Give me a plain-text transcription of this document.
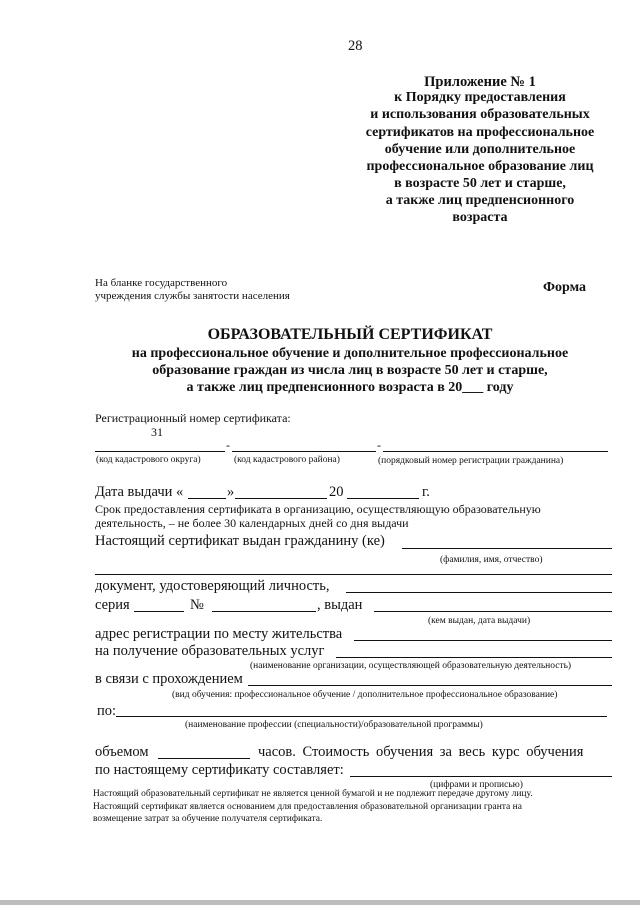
28
Приложение № 1
к Порядку предоставления
и использования образовательных
сертификатов на профессиональное
обучение или дополнительное
профессиональное образование лиц
в возрасте 50 лет и старше,
а также лиц предпенсионного
возраста
На бланке государственного
учреждения службы занятости населения
Форма
ОБРАЗОВАТЕЛЬНЫЙ СЕРТИФИКАТ
на профессиональное обучение и дополнительное профессиональное
образование граждан из числа лиц в возрасте 50 лет и старше,
а также лиц предпенсионного возраста в 20___ году
Регистрационный номер сертификата:
31
-	-
(код кадастрового округа)	(код кадастрового района)	(порядковый номер регистрации гражданина)
Дата выдачи «	»	20	г.
Срок предоставления сертификата в организацию, осуществляющую образовательную
деятельность, – не более 30 календарных дней со дня выдачи
Настоящий сертификат выдан гражданину (ке)
(фамилия, имя, отчество)
документ, удостоверяющий личность,
серия	№	, выдан
(кем выдан, дата выдачи)
адрес регистрации по месту жительства
на получение образовательных услуг
(наименование организации, осуществляющей образовательную деятельность)
в связи с прохождением
(вид обучения: профессиональное обучение / дополнительное профессиональное образование)
по:
(наименование профессии (специальности)/образовательной программы)
объемом	часов. Стоимость обучения за весь курс обучения
по настоящему сертификату составляет:
(цифрами и прописью)
Настоящий образовательный сертификат не является ценной бумагой и не подлежит передаче другому лицу.
Настоящий сертификат является основанием для предоставления образовательной организации гранта на
возмещение затрат за обучение получателя сертификата.
